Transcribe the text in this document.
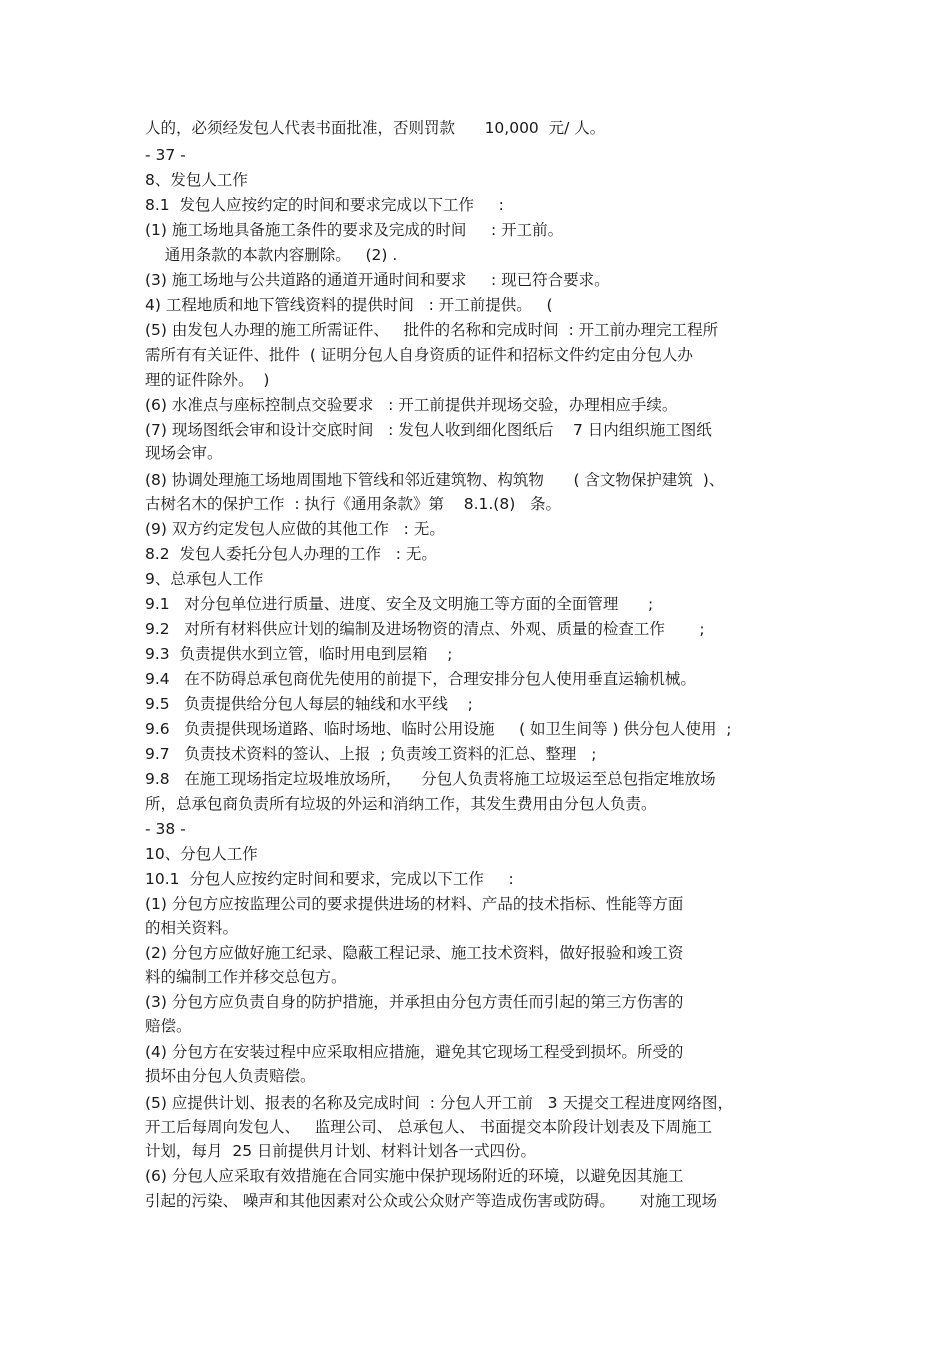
人的，必须经发包人代表书面批准，否则罚款      10,000  元/ 人。
- 37 -
8、发包人工作
8.1  发包人应按约定的时间和要求完成以下工作     :
(1) 施工场地具备施工条件的要求及完成的时间     : 开工前。
通用条款的本款内容删除。   (2) .
(3) 施工场地与公共道路的通道开通时间和要求     : 现已符合要求。
4) 工程地质和地下管线资料的提供时间   : 开工前提供。   (
(5) 由发包人办理的施工所需证件、   批件的名称和完成时间  : 开工前办理完工程所
需所有有关证件、批件  ( 证明分包人自身资质的证件和招标文件约定由分包人办
理的证件除外。  )
(6) 水准点与座标控制点交验要求   : 开工前提供并现场交验，办理相应手续。
(7) 现场图纸会审和设计交底时间   : 发包人收到细化图纸后    7 日内组织施工图纸
现场会审。
(8) 协调处理施工场地周围地下管线和邻近建筑物、构筑物      ( 含文物保护建筑  )、
古树名木的保护工作  : 执行《通用条款》第    8.1.(8)   条。
(9) 双方约定发包人应做的其他工作   : 无。
8.2  发包人委托分包人办理的工作   : 无。
9、总承包人工作
9.1   对分包单位进行质量、进度、安全及文明施工等方面的全面管理      ;
9.2   对所有材料供应计划的编制及进场物资的清点、外观、质量的检查工作       ;
9.3  负责提供水到立管，临时用电到层箱    ;
9.4   在不防碍总承包商优先使用的前提下，合理安排分包人使用垂直运输机械。
9.5   负责提供给分包人每层的轴线和水平线    ;
9.6   负责提供现场道路、临时场地、临时公用设施     ( 如卫生间等 ) 供分包人使用  ;
9.7   负责技术资料的签认、上报  ; 负责竣工资料的汇总、整理   ;
9.8   在施工现场指定垃圾堆放场所，    分包人负责将施工垃圾运至总包指定堆放场
所，总承包商负责所有垃圾的外运和消纳工作，其发生费用由分包人负责。
- 38 -
10、分包人工作
10.1  分包人应按约定时间和要求，完成以下工作     :
(1) 分包方应按监理公司的要求提供进场的材料、产品的技术指标、性能等方面
的相关资料。
(2) 分包方应做好施工纪录、隐蔽工程记录、施工技术资料，做好报验和竣工资
料的编制工作并移交总包方。
(3) 分包方应负责自身的防护措施，并承担由分包方责任而引起的第三方伤害的
赔偿。
(4) 分包方在安装过程中应采取相应措施，避免其它现场工程受到损坏。所受的
损坏由分包人负责赔偿。
(5) 应提供计划、报表的名称及完成时间  : 分包人开工前   3 天提交工程进度网络图，
开工后每周向发包人、   监理公司、 总承包人、 书面提交本阶段计划表及下周施工
计划，每月  25 日前提供月计划、材料计划各一式四份。
(6) 分包人应采取有效措施在合同实施中保护现场附近的环境，以避免因其施工
引起的污染、 噪声和其他因素对公众或公众财产等造成伤害或防碍。     对施工现场
